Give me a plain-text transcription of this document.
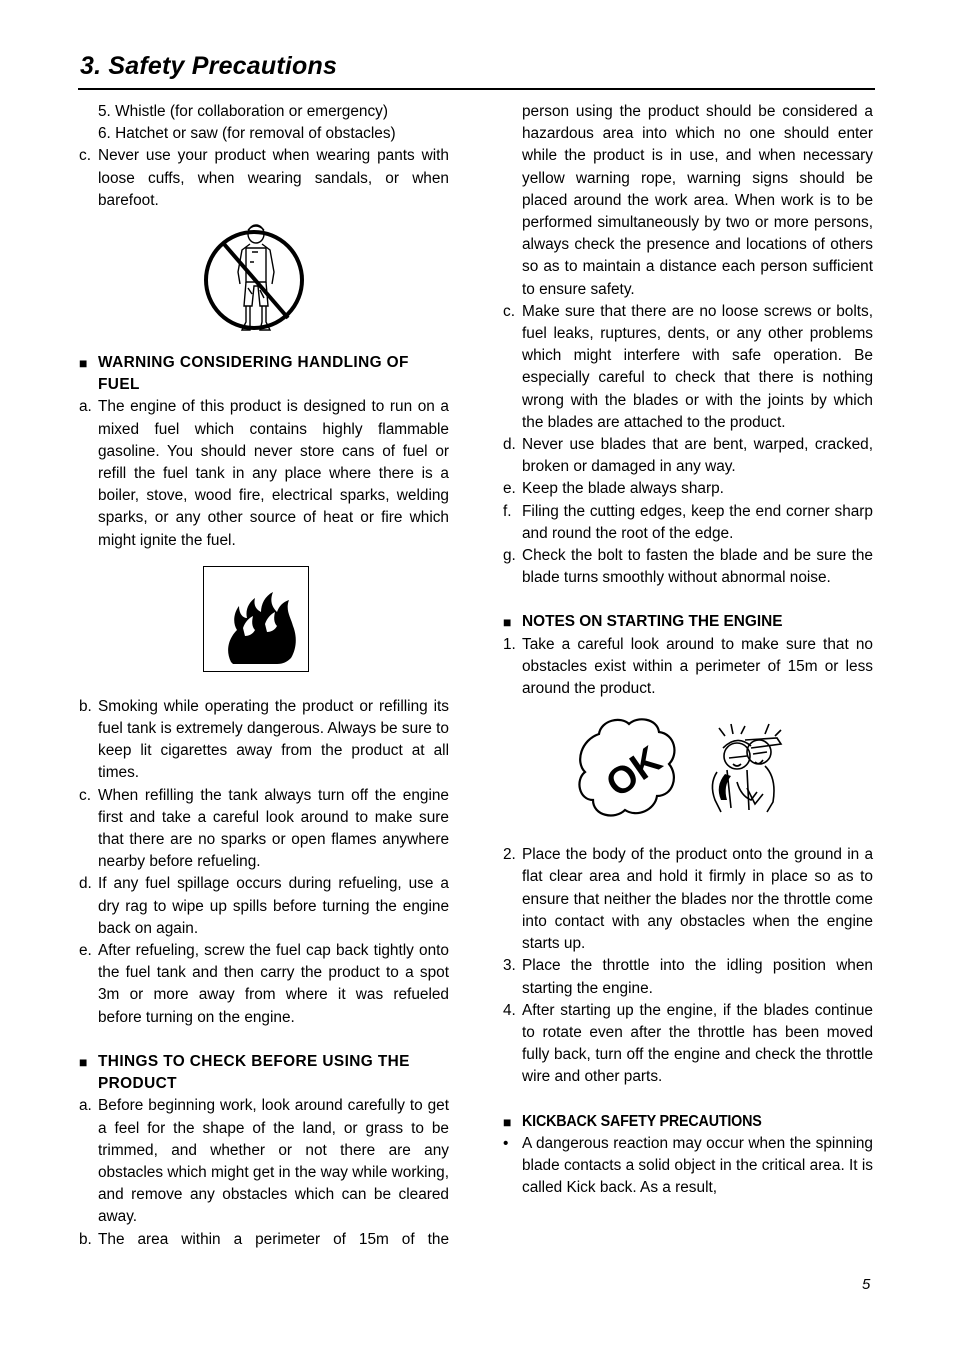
3. Safety Precautions
5. Whistle (for collaboration or emergency)
6. Hatchet or saw (for removal of obstacles)
c. Never use your product when wearing pants with loose cuffs, when wearing sandals, or when barefoot.
■ WARNING CONSIDERING HANDLING OF FUEL
a. The engine of this product is designed to run on a mixed fuel which contains highly flammable gasoline. You should never store cans of fuel or refill the fuel tank in any place where there is a boiler, stove, wood fire, electrical sparks, welding sparks, or any other source of heat or fire which might ignite the fuel.
b. Smoking while operating the product or refilling its fuel tank is extremely dangerous. Always be sure to keep lit cigarettes away from the product at all times.
c. When refilling the tank always turn off the engine first and take a careful look around to make sure that there are no sparks or open flames anywhere nearby before refueling.
d. If any fuel spillage occurs during refueling, use a dry rag to wipe up spills before turning the engine back on again.
e. After refueling, screw the fuel cap back tightly onto the fuel tank and then carry the product to a spot 3m or more away from where it was refueled before turning on the engine.
■ THINGS TO CHECK BEFORE USING THE PRODUCT
a. Before beginning work, look around carefully to get a feel for the shape of the land, or grass to be trimmed, and whether or not there are any obstacles which might get in the way while working, and remove any obstacles which can be cleared away.
b. The area within a perimeter of 15m of the
person using the product should be considered a hazardous area into which no one should enter while the product is in use, and when necessary yellow warning rope, warning signs should be placed around the work area. When work is to be performed simultaneously by two or more persons, always check the presence and locations of others so as to maintain a distance each person sufficient to ensure safety.
c. Make sure that there are no loose screws or bolts, fuel leaks, ruptures, dents, or any other problems which might interfere with safe operation. Be especially careful to check that there is nothing wrong with the blades or with the joints by which the blades are attached to the product.
d. Never use blades that are bent, warped, cracked, broken or damaged in any way.
e. Keep the blade always sharp.
f. Filing the cutting edges, keep the end corner sharp and round the root of the edge.
g. Check the bolt to fasten the blade and be sure the blade turns smoothly without abnormal noise.
■ NOTES ON STARTING THE ENGINE
1. Take a careful look around to make sure that no obstacles exist within a perimeter of 15m or less around the product.
OK
2. Place the body of the product onto the ground in a flat clear area and hold it firmly in place so as to ensure that neither the blades nor the throttle come into contact with any obstacles when the engine starts up.
3. Place the throttle into the idling position when starting the engine.
4. After starting up the engine, if the blades continue to rotate even after the throttle has been moved fully back, turn off the engine and check the throttle wire and other parts.
■ KICKBACK SAFETY PRECAUTIONS
• A dangerous reaction may occur when the spinning blade contacts a solid object in the critical area. It is called Kick back. As a result,
5
